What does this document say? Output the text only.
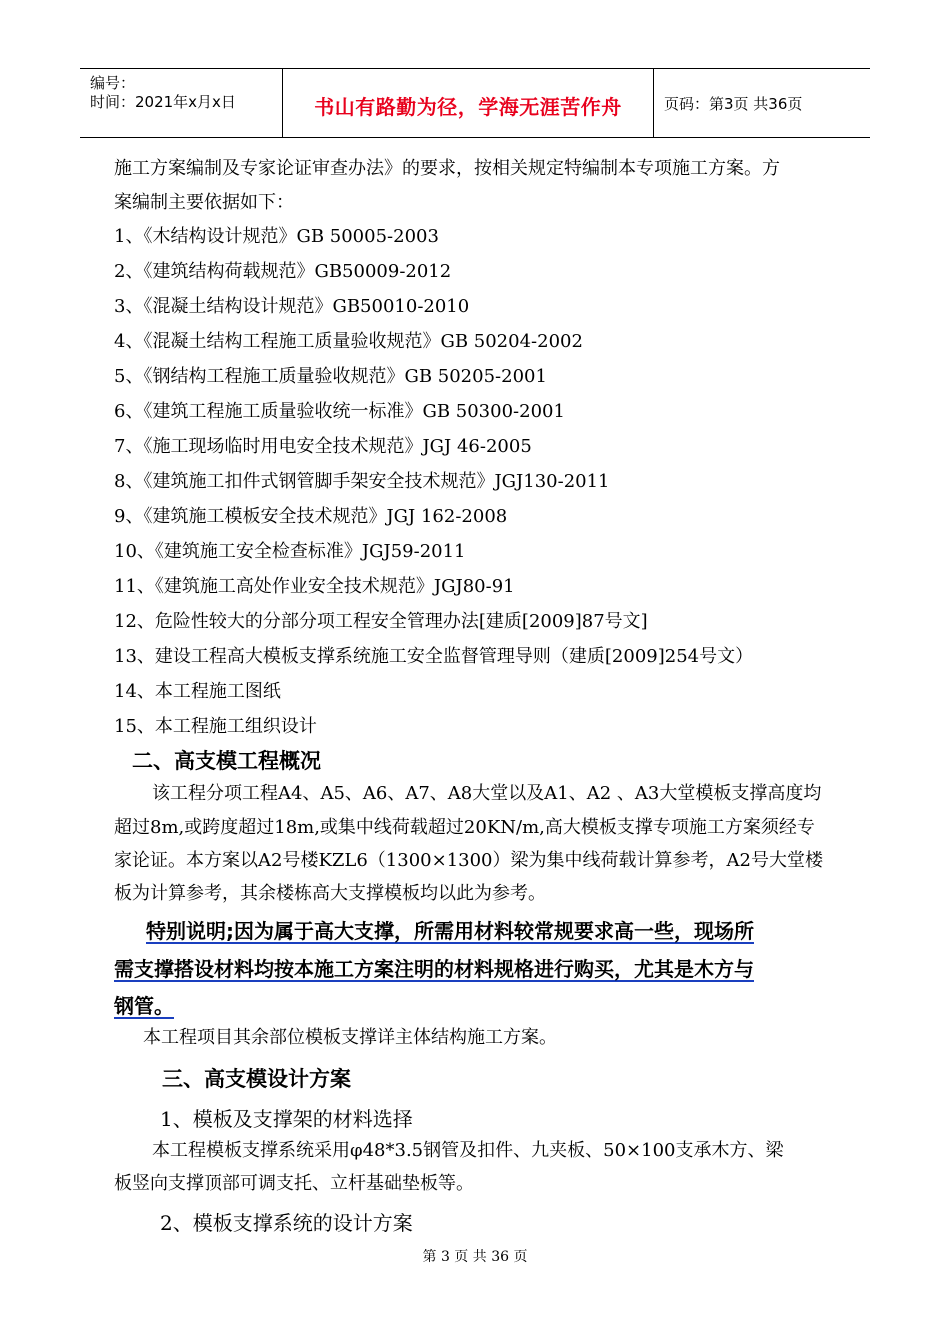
编号：
时间：2021年x月x日	书山有路勤为径，学海无涯苦作舟	页码：第3页 共36页
施工方案编制及专家论证审查办法》的要求，按相关规定特编制本专项施工方案。方
案编制主要依据如下：
1、《木结构设计规范》GB 50005-2003
2、《建筑结构荷载规范》GB50009-2012
3、《混凝土结构设计规范》GB50010-2010
4、《混凝土结构工程施工质量验收规范》GB 50204-2002
5、《钢结构工程施工质量验收规范》GB 50205-2001
6、《建筑工程施工质量验收统一标准》GB 50300-2001
7、《施工现场临时用电安全技术规范》JGJ 46-2005
8、《建筑施工扣件式钢管脚手架安全技术规范》JGJ130-2011
9、《建筑施工模板安全技术规范》JGJ 162-2008
10、《建筑施工安全检查标准》JGJ59-2011
11、《建筑施工高处作业安全技术规范》JGJ80-91
12、危险性较大的分部分项工程安全管理办法[建质[2009]87号文]
13、建设工程高大模板支撑系统施工安全监督管理导则（建质[2009]254号文）
14、本工程施工图纸
15、本工程施工组织设计
二、高支模工程概况
该工程分项工程A4、A5、A6、A7、A8大堂以及A1、A2 、A3大堂模板支撑高度均
超过8m,或跨度超过18m,或集中线荷载超过20KN/m,高大模板支撑专项施工方案须经专
家论证。本方案以A2号楼KZL6（1300×1300）梁为集中线荷载计算参考，A2号大堂楼
板为计算参考，其余楼栋高大支撑模板均以此为参考。
特别说明;因为属于高大支撑，所需用材料较常规要求高一些，现场所
需支撑搭设材料均按本施工方案注明的材料规格进行购买，尤其是木方与
钢管。
本工程项目其余部位模板支撑详主体结构施工方案。
三、高支模设计方案
1、模板及支撑架的材料选择
本工程模板支撑系统采用φ48*3.5钢管及扣件、九夹板、50×100支承木方、梁
板竖向支撑顶部可调支托、立杆基础垫板等。
2、模板支撑系统的设计方案
第 3 页 共 36 页
